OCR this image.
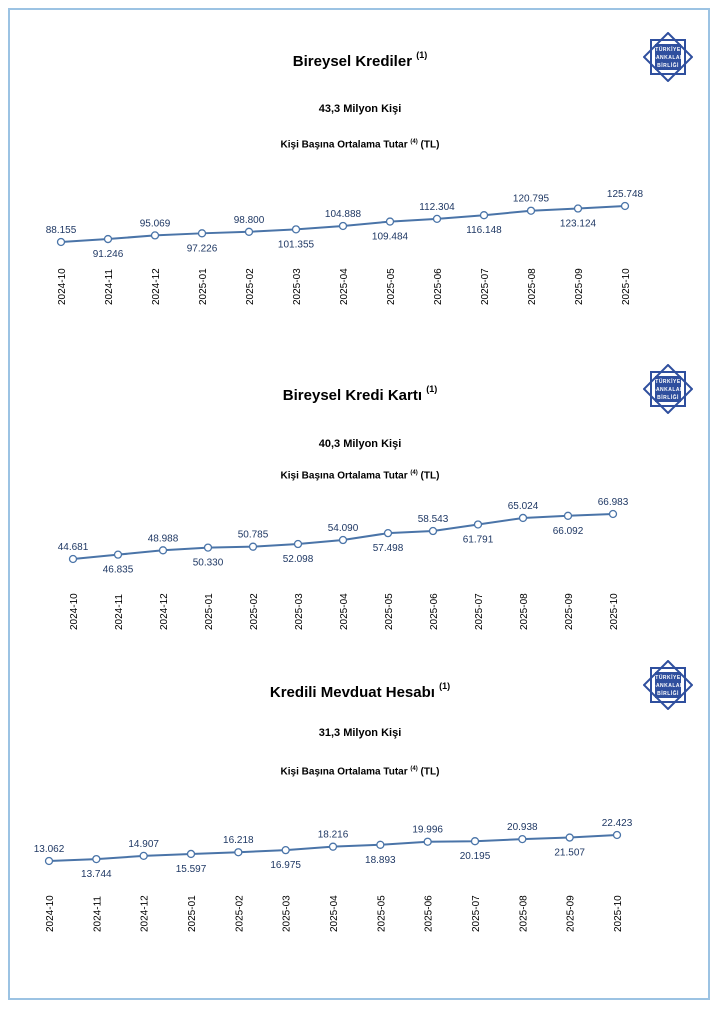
Bireysel Krediler $^{(1)}$
43,3 Milyon Kişi
Kişi Başına Ortalama Tutar $^{(4)}$ (TL)
TÜRKİYE
BANKALAR
BİRLİĞİ
88.155
2024-10
91.246
2024-11
95.069
2024-12
97.226
2025-01
98.800
2025-02
101.355
2025-03
104.888
2025-04
109.484
2025-05
112.304
2025-06
116.148
2025-07
120.795
2025-08
123.124
2025-09
125.748
2025-10
Bireysel Kredi Kartı $^{(1)}$
40,3 Milyon Kişi
Kişi Başına Ortalama Tutar $^{(4)}$ (TL)
TÜRKİYE
BANKALAR
BİRLİĞİ
44.681
2024-10
46.835
2024-11
48.988
2024-12
50.330
2025-01
50.785
2025-02
52.098
2025-03
54.090
2025-04
57.498
2025-05
58.543
2025-06
61.791
2025-07
65.024
2025-08
66.092
2025-09
66.983
2025-10
Kredili Mevduat Hesabı $^{(1)}$
31,3 Milyon Kişi
Kişi Başına Ortalama Tutar $^{(4)}$ (TL)
TÜRKİYE
BANKALAR
BİRLİĞİ
13.062
2024-10
13.744
2024-11
14.907
2024-12
15.597
2025-01
16.218
2025-02
16.975
2025-03
18.216
2025-04
18.893
2025-05
19.996
2025-06
20.195
2025-07
20.938
2025-08
21.507
2025-09
22.423
2025-10
